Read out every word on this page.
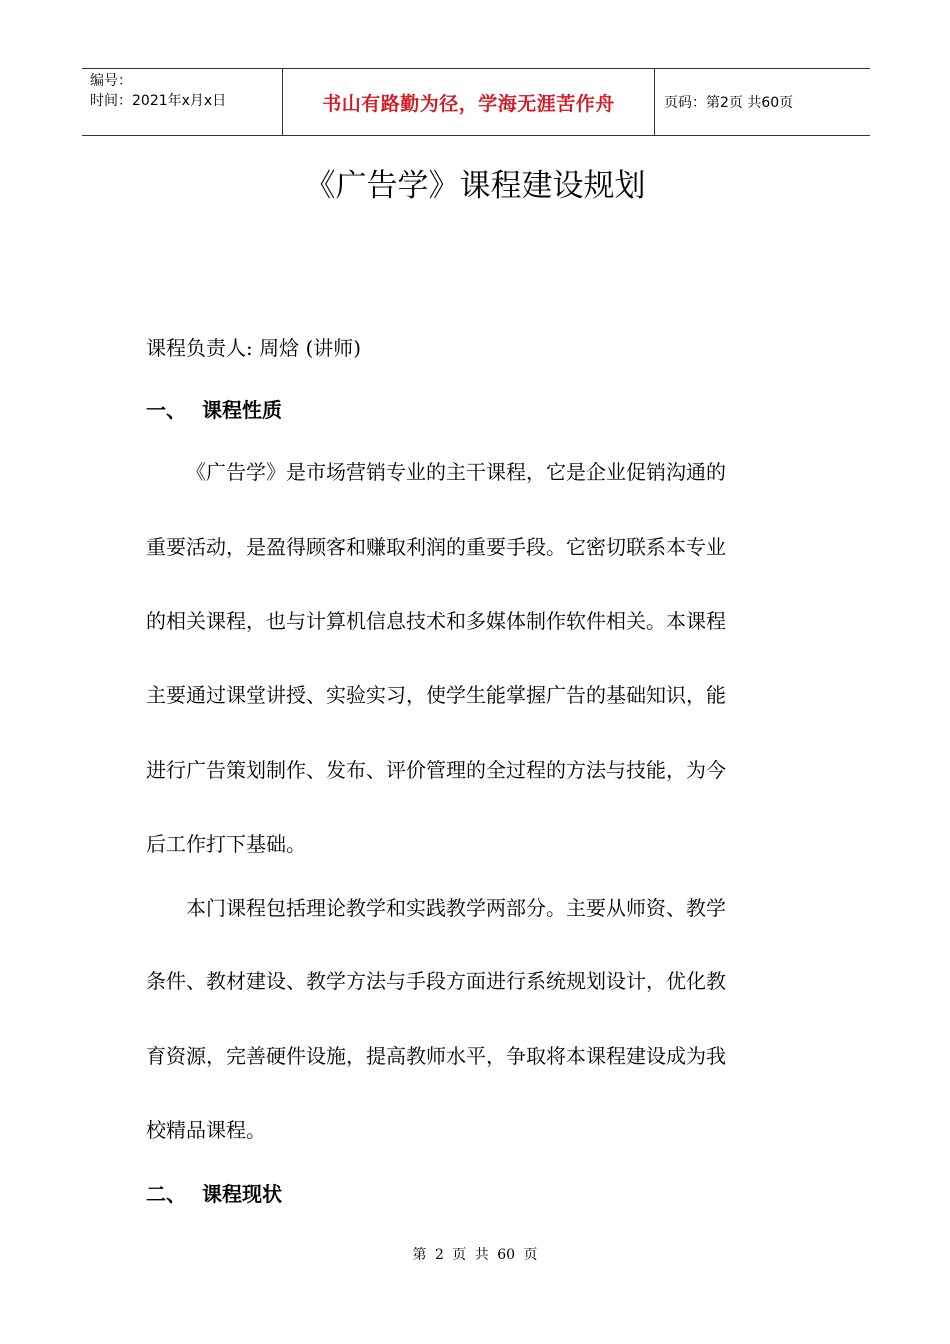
编号：
时间：2021年x月x日	书山有路勤为径，学海无涯苦作舟	页码：第2页 共60页
《广告学》课程建设规划
课程负责人: 周焓 (讲师)
一、 课程性质
《广告学》是市场营销专业的主干课程，它是企业促销沟通的
重要活动，是盈得顾客和赚取利润的重要手段。它密切联系本专业
的相关课程，也与计算机信息技术和多媒体制作软件相关。本课程
主要通过课堂讲授、实验实习，使学生能掌握广告的基础知识，能
进行广告策划制作、发布、评价管理的全过程的方法与技能，为今
后工作打下基础。
本门课程包括理论教学和实践教学两部分。主要从师资、教学
条件、教材建设、教学方法与手段方面进行系统规划设计，优化教
育资源，完善硬件设施，提高教师水平，争取将本课程建设成为我
校精品课程。
二、 课程现状
第 2 页 共 60 页
